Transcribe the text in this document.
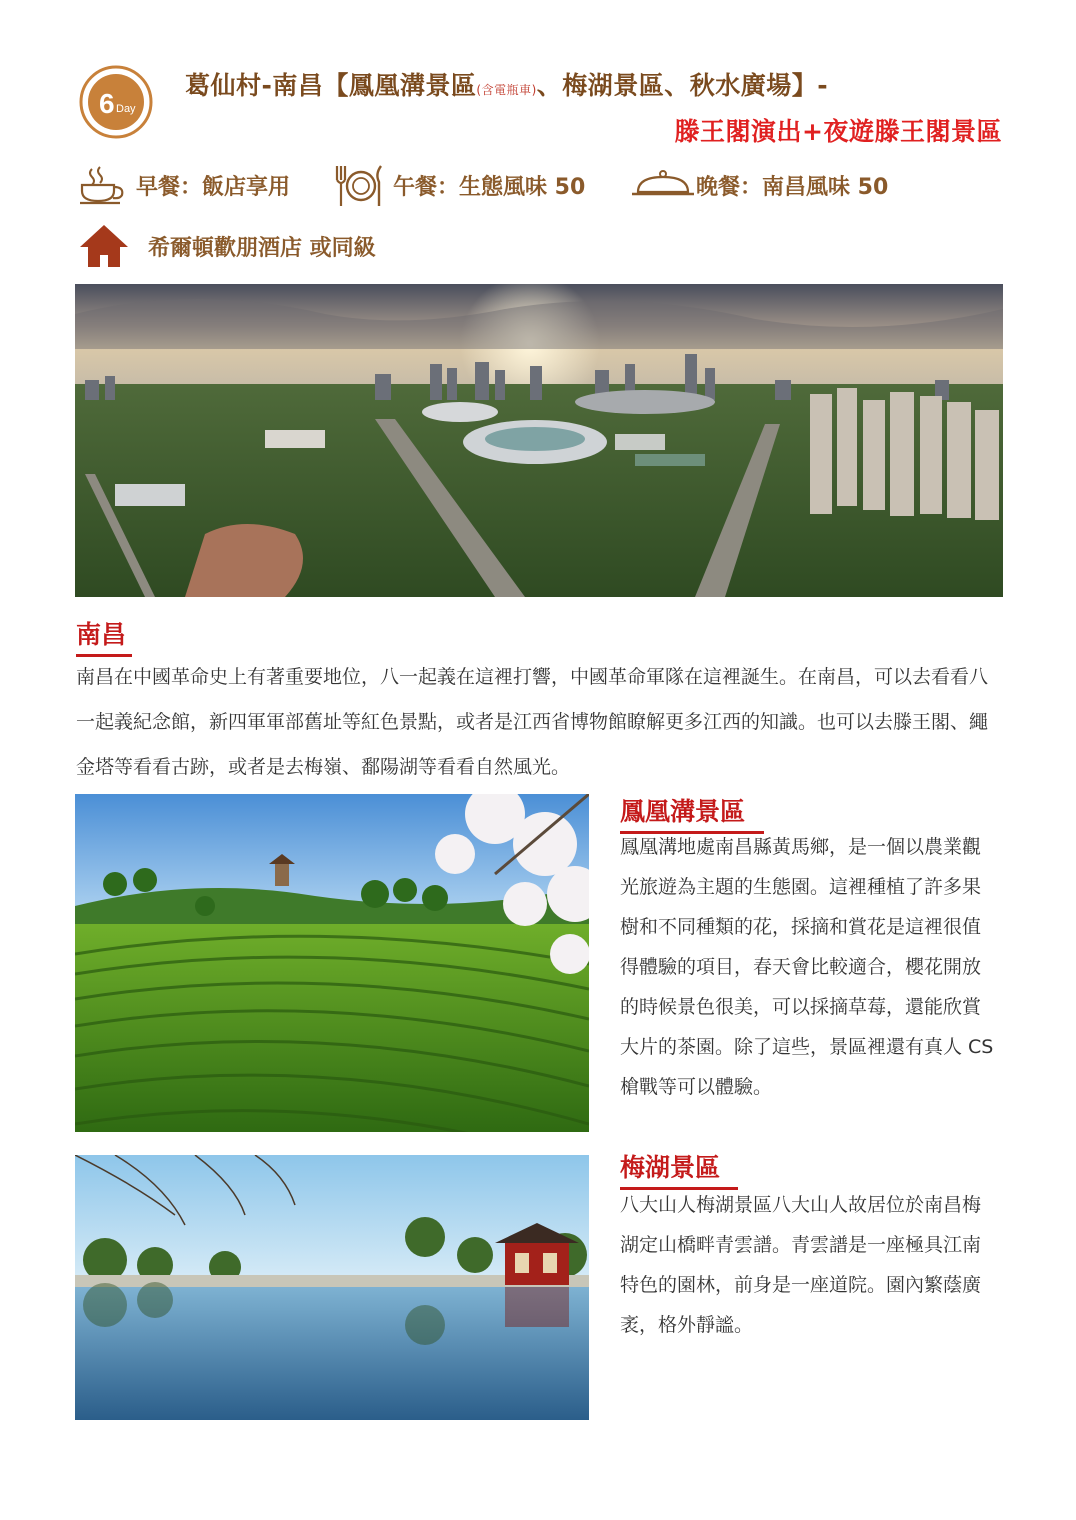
6 Day
葛仙村-南昌【鳳凰溝景區(含電瓶車)、梅湖景區、秋水廣場】-
滕王閣演出+夜遊滕王閣景區
早餐：飯店享用	午餐：生態風味 50	晚餐：南昌風味 50
希爾頓歡朋酒店 或同級
南昌
南昌在中國革命史上有著重要地位，八一起義在這裡打響，中國革命軍隊在這裡誕生。在南昌，可以去看看八一起義紀念館，新四軍軍部舊址等紅色景點，或者是江西省博物館瞭解更多江西的知識。也可以去滕王閣、繩金塔等看看古跡，或者是去梅嶺、鄱陽湖等看看自然風光。
鳳凰溝景區
鳳凰溝地處南昌縣黃馬鄉，是一個以農業觀光旅遊為主題的生態園。這裡種植了許多果樹和不同種類的花，採摘和賞花是這裡很值得體驗的項目，春天會比較適合，櫻花開放的時候景色很美，可以採摘草莓，還能欣賞大片的茶園。除了這些，景區裡還有真人 CS 槍戰等可以體驗。
梅湖景區
八大山人梅湖景區八大山人故居位於南昌梅湖定山橋畔青雲譜。青雲譜是一座極具江南特色的園林，前身是一座道院。園內繁蔭廣袤，格外靜謐。
